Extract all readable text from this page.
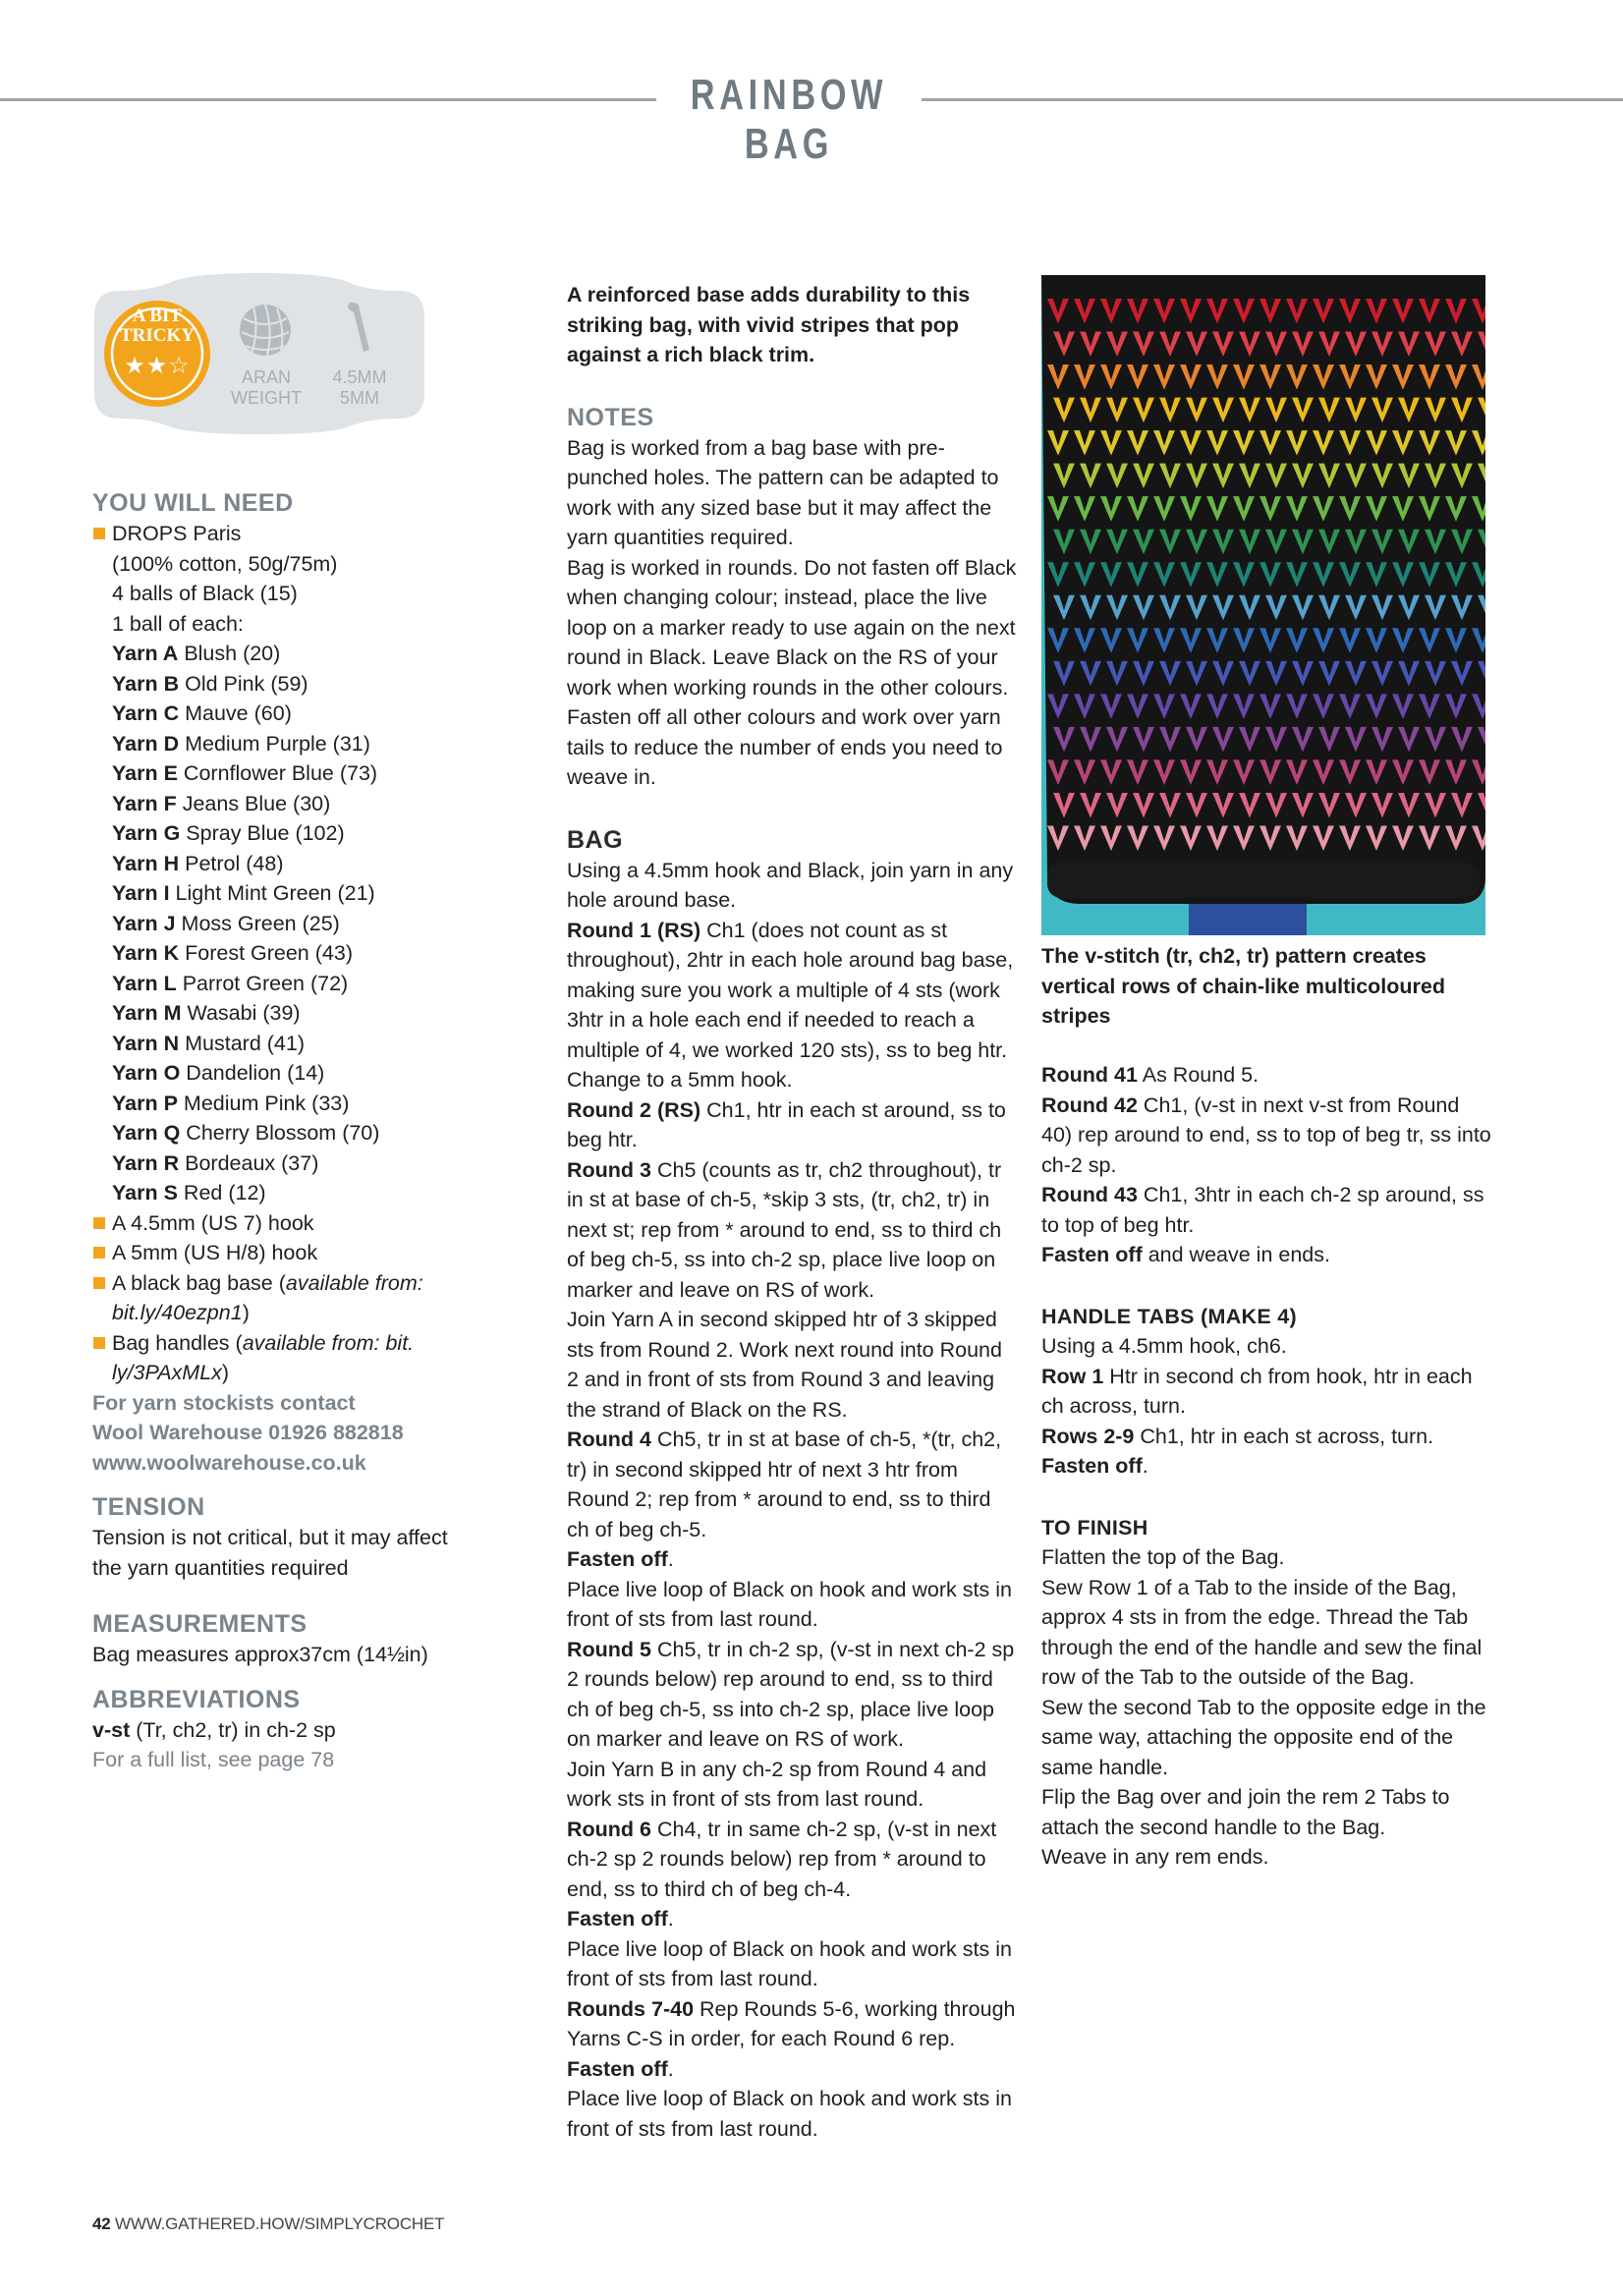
RAINBOW BAG
A BIT TRICKY
★★☆	ARAN
WEIGHT
4.5MM
5MM

YOU WILL NEED

DROPS Paris

(100% cotton, 50g/75m)

4 balls of Black (15)

1 ball of each:

Yarn A Blush (20)

Yarn B Old Pink (59)

Yarn C Mauve (60)

Yarn D Medium Purple (31)

Yarn E Cornflower Blue (73)

Yarn F Jeans Blue (30)

Yarn G Spray Blue (102)

Yarn H Petrol (48)

Yarn I Light Mint Green (21)

Yarn J Moss Green (25)

Yarn K Forest Green (43)

Yarn L Parrot Green (72)

Yarn M Wasabi (39)

Yarn N Mustard (41)

Yarn O Dandelion (14)

Yarn P Medium Pink (33)

Yarn Q Cherry Blossom (70)

Yarn R Bordeaux (37)

Yarn S Red (12)

A 4.5mm (US 7) hook

A 5mm (US H/8) hook

A black bag base (available from: bit.ly/40ezpn1)

Bag handles (available from: bit. ly/3PAxMLx)

For yarn stockists contact

Wool Warehouse 01926 882818

www.woolwarehouse.co.uk

TENSION

Tension is not critical, but it may affect the yarn quantities required

MEASUREMENTS

Bag measures approx37cm (14½in)

ABBREVIATIONS

v-st (Tr, ch2, tr) in ch-2 sp

For a full list, see page 78

A reinforced base adds durability to this striking bag, with vivid stripes that pop against a rich black trim.

NOTES

Bag is worked from a bag base with pre-punched holes. The pattern can be adapted to work with any sized base but it may affect the yarn quantities required.

Bag is worked in rounds. Do not fasten off Black when changing colour; instead, place the live loop on a marker ready to use again on the next round in Black. Leave Black on the RS of your work when working rounds in the other colours. Fasten off all other colours and work over yarn tails to reduce the number of ends you need to weave in.

BAG

Using a 4.5mm hook and Black, join yarn in any hole around base.

Round 1 (RS) Ch1 (does not count as st throughout), 2htr in each hole around bag base, making sure you work a multiple of 4 sts (work 3htr in a hole each end if needed to reach a multiple of 4, we worked 120 sts), ss to beg htr. Change to a 5mm hook.

Round 2 (RS) Ch1, htr in each st around, ss to beg htr.

Round 3 Ch5 (counts as tr, ch2 throughout), tr in st at base of ch-5, *skip 3 sts, (tr, ch2, tr) in next st; rep from * around to end, ss to third ch of beg ch-5, ss into ch-2 sp, place live loop on marker and leave on RS of work.

Join Yarn A in second skipped htr of 3 skipped sts from Round 2. Work next round into Round 2 and in front of sts from Round 3 and leaving the strand of Black on the RS.

Round 4 Ch5, tr in st at base of ch-5, *(tr, ch2, tr) in second skipped htr of next 3 htr from Round 2; rep from * around to end, ss to third ch of beg ch-5.

Fasten off.

Place live loop of Black on hook and work sts in front of sts from last round.

Round 5 Ch5, tr in ch-2 sp, (v-st in next ch-2 sp 2 rounds below) rep around to end, ss to third ch of beg ch-5, ss into ch-2 sp, place live loop on marker and leave on RS of work.

Join Yarn B in any ch-2 sp from Round 4 and work sts in front of sts from last round.

Round 6 Ch4, tr in same ch-2 sp, (v-st in next ch-2 sp 2 rounds below) rep from * around to end, ss to third ch of beg ch-4.

Fasten off.

Place live loop of Black on hook and work sts in front of sts from last round.

Rounds 7-40 Rep Rounds 5-6, working through Yarns C-S in order, for each Round 6 rep.

Fasten off.

Place live loop of Black on hook and work sts in front of sts from last round.

The v-stitch (tr, ch2, tr) pattern creates vertical rows of chain-like multicoloured stripes

Round 41 As Round 5.

Round 42 Ch1, (v-st in next v-st from Round 40) rep around to end, ss to top of beg tr, ss into ch-2 sp.

Round 43 Ch1, 3htr in each ch-2 sp around, ss to top of beg htr.

Fasten off and weave in ends.

HANDLE TABS (MAKE 4)

Using a 4.5mm hook, ch6.

Row 1 Htr in second ch from hook, htr in each ch across, turn.

Rows 2-9 Ch1, htr in each st across, turn.

Fasten off.

TO FINISH

Flatten the top of the Bag.

Sew Row 1 of a Tab to the inside of the Bag, approx 4 sts in from the edge. Thread the Tab through the end of the handle and sew the final row of the Tab to the outside of the Bag.

Sew the second Tab to the opposite edge in the same way, attaching the opposite end of the same handle.

Flip the Bag over and join the rem 2 Tabs to attach the second handle to the Bag.

Weave in any rem ends.

42 WWW.GATHERED.HOW/SIMPLYCROCHET
